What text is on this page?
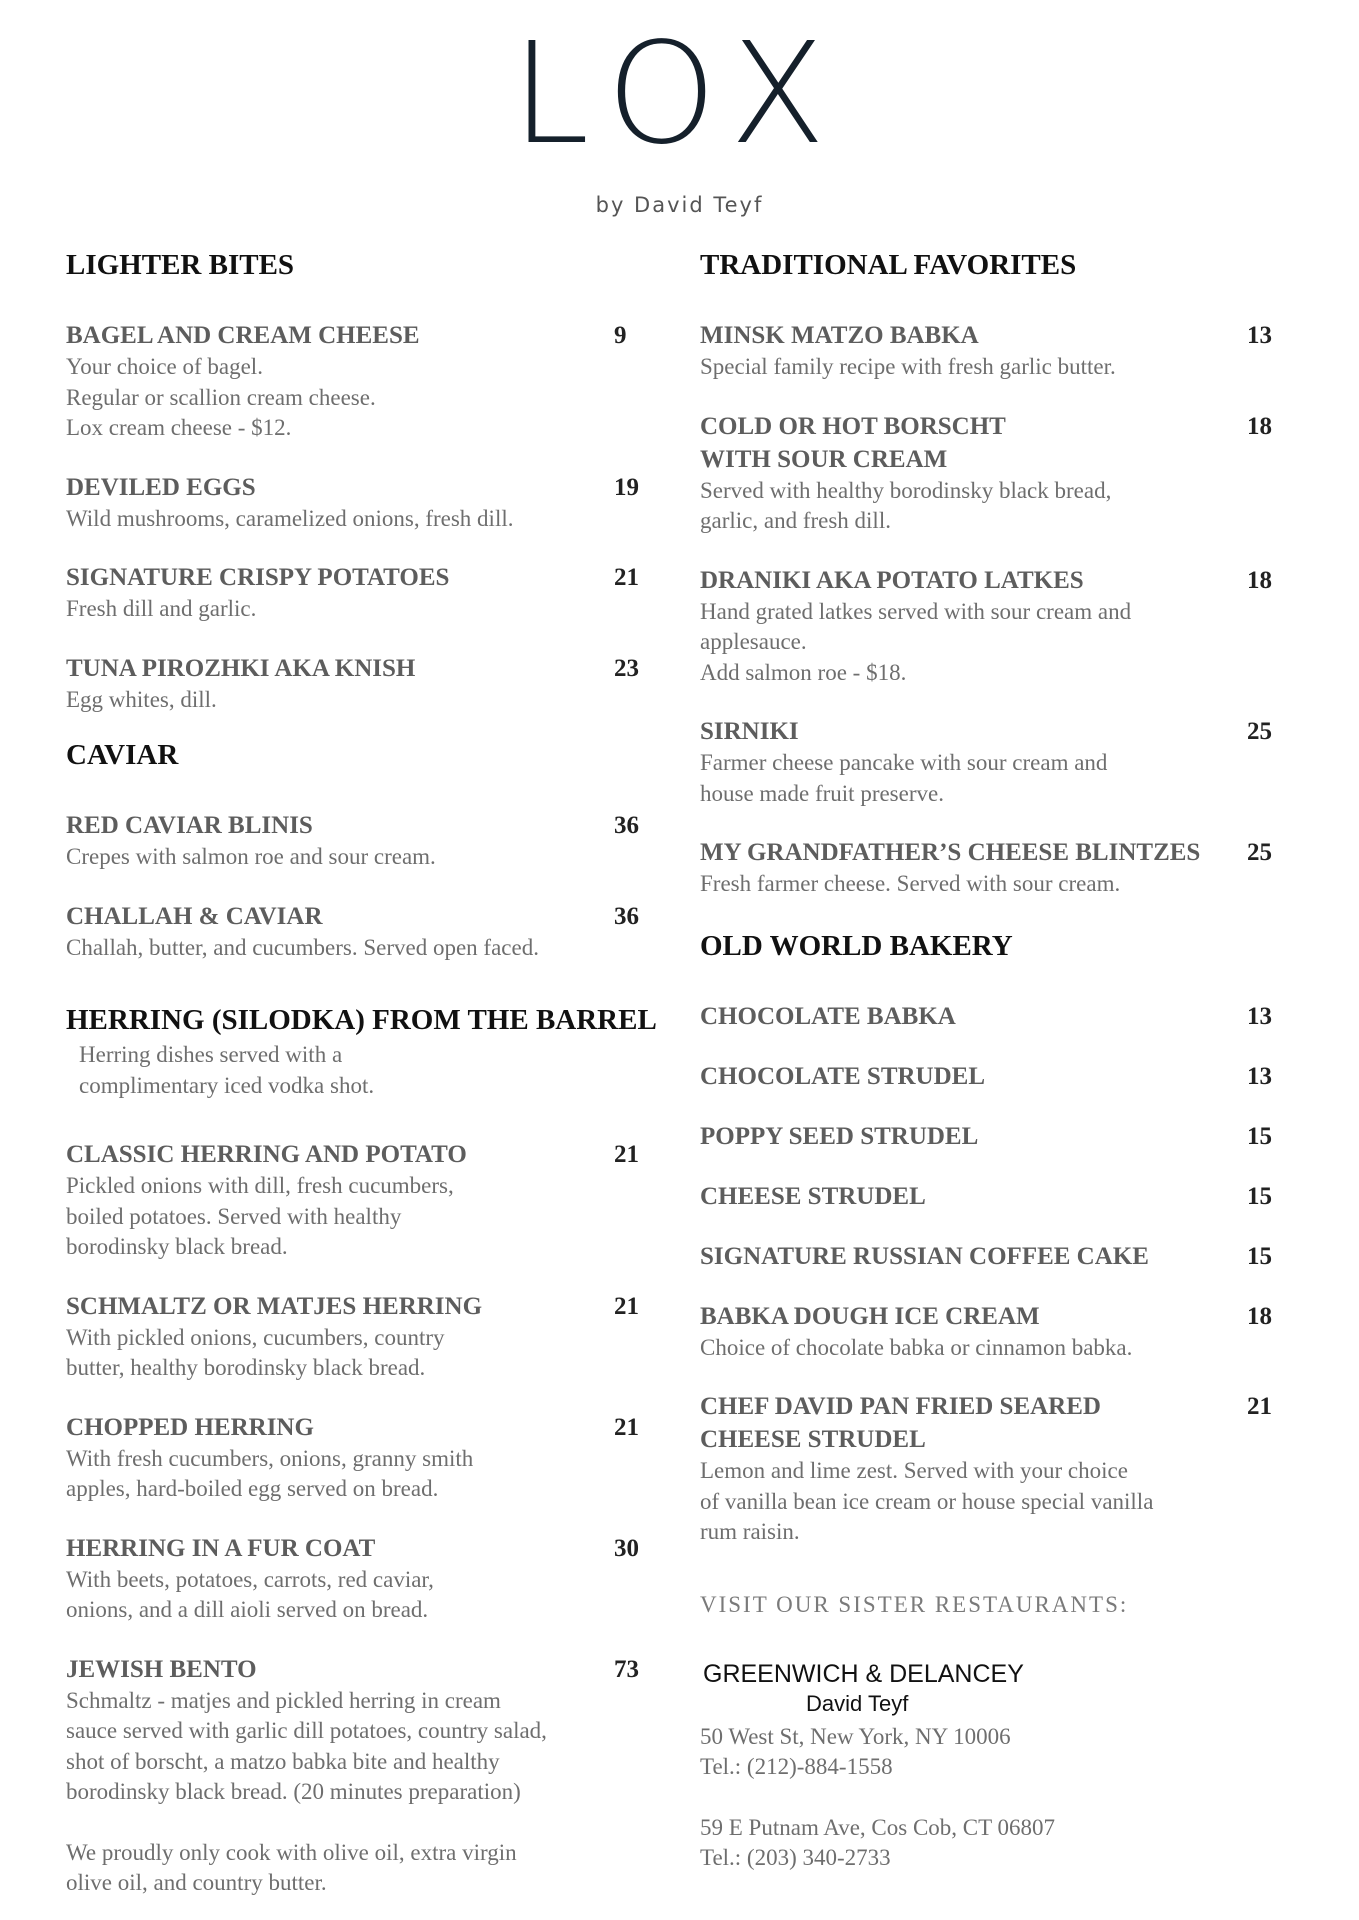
LOX
by David Teyf
LIGHTER BITES
BAGEL AND CREAM CHEESE	9
Your choice of bagel.
Regular or scallion cream cheese.
Lox cream cheese - $12.
DEVILED EGGS	19
Wild mushrooms, caramelized onions, fresh dill.
SIGNATURE CRISPY POTATOES	21
Fresh dill and garlic.
TUNA PIROZHKI AKA KNISH	23
Egg whites, dill.
CAVIAR
RED CAVIAR BLINIS	36
Crepes with salmon roe and sour cream.
CHALLAH & CAVIAR	36
Challah, butter, and cucumbers. Served open faced.
HERRING (SILODKA) FROM THE BARREL
Herring dishes served with a
complimentary iced vodka shot.
CLASSIC HERRING AND POTATO	21
Pickled onions with dill, fresh cucumbers,
boiled potatoes. Served with healthy
borodinsky black bread.
SCHMALTZ OR MATJES HERRING	21
With pickled onions, cucumbers, country
butter, healthy borodinsky black bread.
CHOPPED HERRING	21
With fresh cucumbers, onions, granny smith
apples, hard-boiled egg served on bread.
HERRING IN A FUR COAT	30
With beets, potatoes, carrots, red caviar,
onions, and a dill aioli served on bread.
JEWISH BENTO	73
Schmaltz - matjes and pickled herring in cream
sauce served with garlic dill potatoes, country salad,
shot of borscht, a matzo babka bite and healthy
borodinsky black bread. (20 minutes preparation)
We proudly only cook with olive oil, extra virgin
olive oil, and country butter.
TRADITIONAL FAVORITES
MINSK MATZO BABKA	13
Special family recipe with fresh garlic butter.
COLD OR HOT BORSCHT	18
WITH SOUR CREAM
Served with healthy borodinsky black bread,
garlic, and fresh dill.
DRANIKI AKA POTATO LATKES	18
Hand grated latkes served with sour cream and
applesauce.
Add salmon roe - $18.
SIRNIKI	25
Farmer cheese pancake with sour cream and
house made fruit preserve.
MY GRANDFATHER’S CHEESE BLINTZES	25
Fresh farmer cheese. Served with sour cream.
OLD WORLD BAKERY
CHOCOLATE BABKA	13
CHOCOLATE STRUDEL	13
POPPY SEED STRUDEL	15
CHEESE STRUDEL	15
SIGNATURE RUSSIAN COFFEE CAKE	15
BABKA DOUGH ICE CREAM	18
Choice of chocolate babka or cinnamon babka.
CHEF DAVID PAN FRIED SEARED	21
CHEESE STRUDEL
Lemon and lime zest. Served with your choice
of vanilla bean ice cream or house special vanilla
rum raisin.
VISIT OUR SISTER RESTAURANTS:
GREENWICH & DELANCEY
David Teyf
50 West St, New York, NY 10006
Tel.: (212)-884-1558
59 E Putnam Ave, Cos Cob, CT 06807
Tel.: (203) 340-2733
